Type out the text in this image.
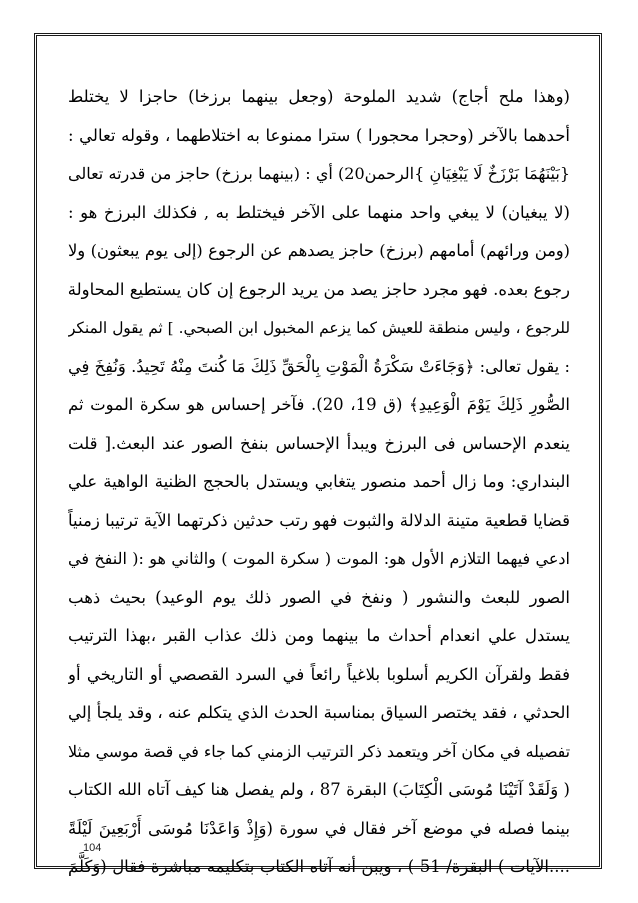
(وهذا ملح أجاج) شديد الملوحة (وجعل بينهما برزخا) حاجزا لا يختلط
أحدهما بالآخر (وحجرا محجورا ) سترا ممنوعا به اختلاطهما ، وقوله تعالي :
{بَيْنَهُمَا بَرْزَخٌ لَا يَبْغِيَانِ }الرحمن20) أي : (بينهما برزخ) حاجز من قدرته تعالى
(لا يبغيان) لا يبغي واحد منهما على الآخر فيختلط به , فكذلك البرزخ هو :
(ومن ورائهم) أمامهم (برزخ) حاجز يصدهم عن الرجوع (إلى يوم يبعثون) ولا
رجوع بعده. فهو مجرد حاجز يصد من يريد الرجوع إن كان يستطيع المحاولة
للرجوع ، وليس منطقة للعيش كما يزعم المخبول ابن الصبحي. ] ثم يقول المنكر
: يقول تعالى: ﴿وَجَاءَتْ سَكْرَةُ الْمَوْتِ بِالْحَقِّ ذَلِكَ مَا كُنتَ مِنْهُ تَحِيدُ. وَنُفِخَ فِي
الصُّورِ ذَلِكَ يَوْمَ الْوَعِيدِ﴾ (ق 19، 20). فآخر إحساس هو سكرة الموت ثم
ينعدم الإحساس فى البرزخ ويبدأ الإحساس بنفخ الصور عند البعث.[ قلت
البنداري: وما زال أحمد منصور يتغابي ويستدل بالحجج الظنية الواهية علي
قضايا قطعية متينة الدلالة والثبوت فهو رتب حدثين ذكرتهما الآية ترتيبا زمنياً
ادعي فيهما التلازم الأول هو: الموت ( سكرة الموت ) والثاني هو :( النفخ في
الصور للبعث والنشور ( ونفخ في الصور ذلك يوم الوعيد) بحيث ذهب
يستدل علي انعدام أحداث ما بينهما ومن ذلك عذاب القبر ،بهذا الترتيب
فقط ولقرآن الكريم أسلوبا بلاغياً رائعاً في السرد القصصي أو التاريخي أو
الحدثي ، فقد يختصر السياق بمناسبة الحدث الذي يتكلم عنه ، وقد يلجأ إلي
تفصيله في مكان آخر ويتعمد ذكر الترتيب الزمني كما جاء في قصة موسي مثلا
( وَلَقَدْ آتَيْنَا مُوسَى الْكِتَابَ) البقرة 87 ، ولم يفصل هنا كيف آتاه الله الكتاب
بينما فصله في موضع آخر فقال في سورة (وَإِذْ وَاعَدْنَا مُوسَى أَرْبَعِينَ لَيْلَةً
....الآيات ) البقرة/ 51 ) ، ويبن أنه آتاه الكتاب بتكليمه مباشرة فقال (وَكَلَّمَ
104
